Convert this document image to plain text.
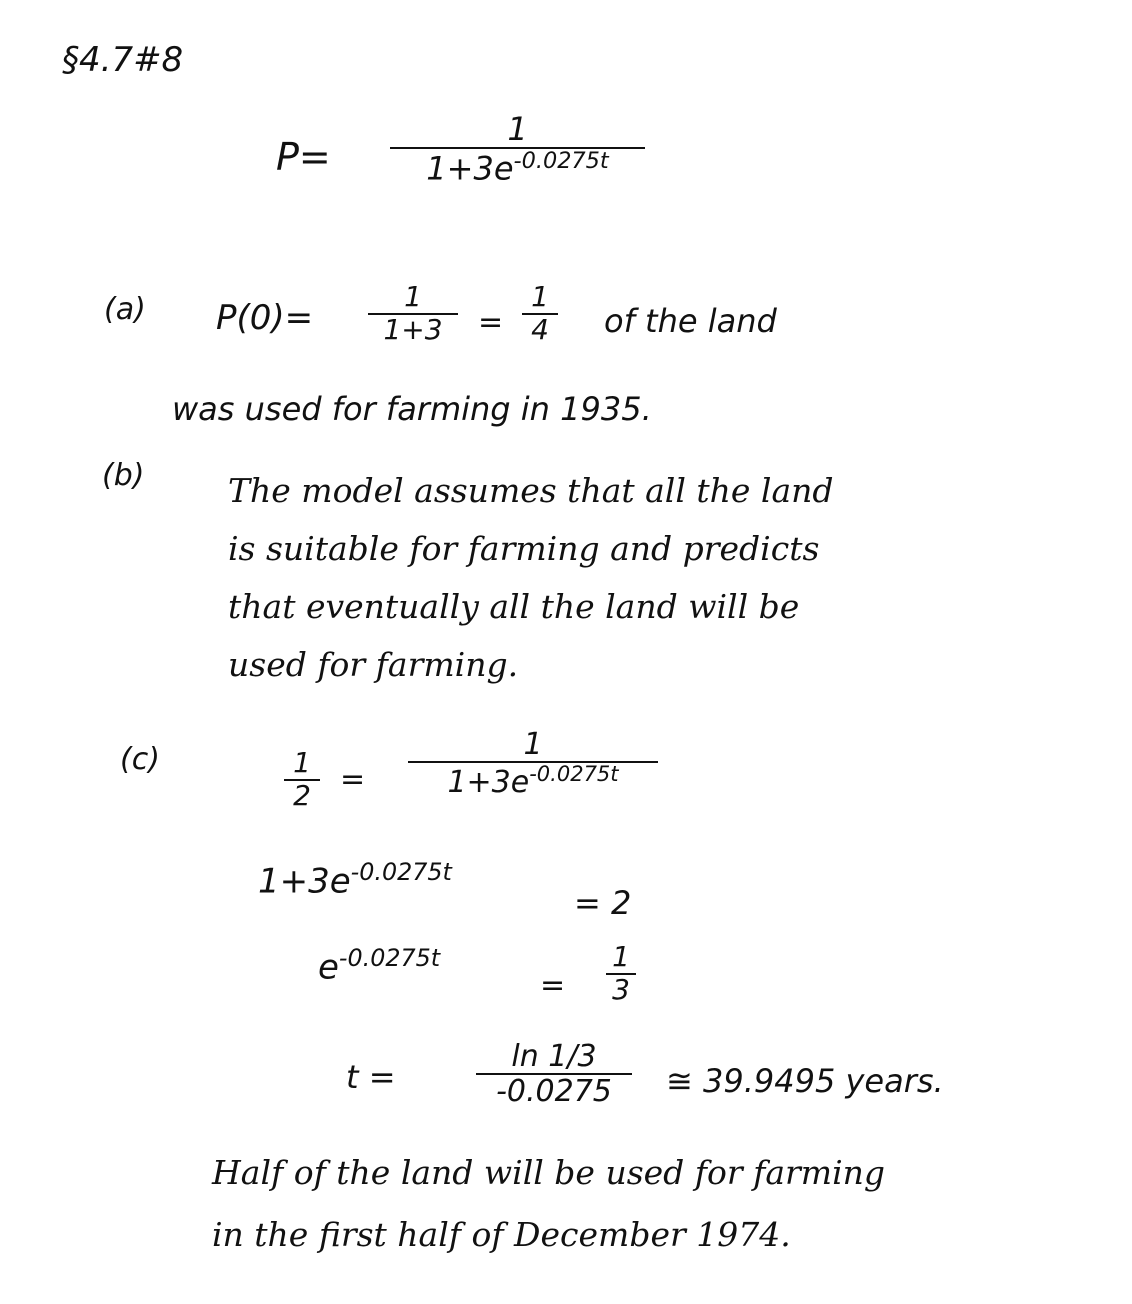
§4.7#8
P=
1
$1+3e^{-0.0275t}$
(a) P(0)=
1
1+3 =
1
4 of the land
was used for farming in 1935.
(b)	The model assumes that all the land
is suitable for farming and predicts
that eventually all the land will be
used for farming.
(c)	1
2 =
1
$1+3e^{-0.0275t}$
$1+3e^{-0.0275t}$
= 2
$e^{-0.0275t}$
=
1
3
t =
ln 1/3
-0.0275 ≅ 39.9495 years.
Half of the land will be used for farming
in the first half of December 1974.
